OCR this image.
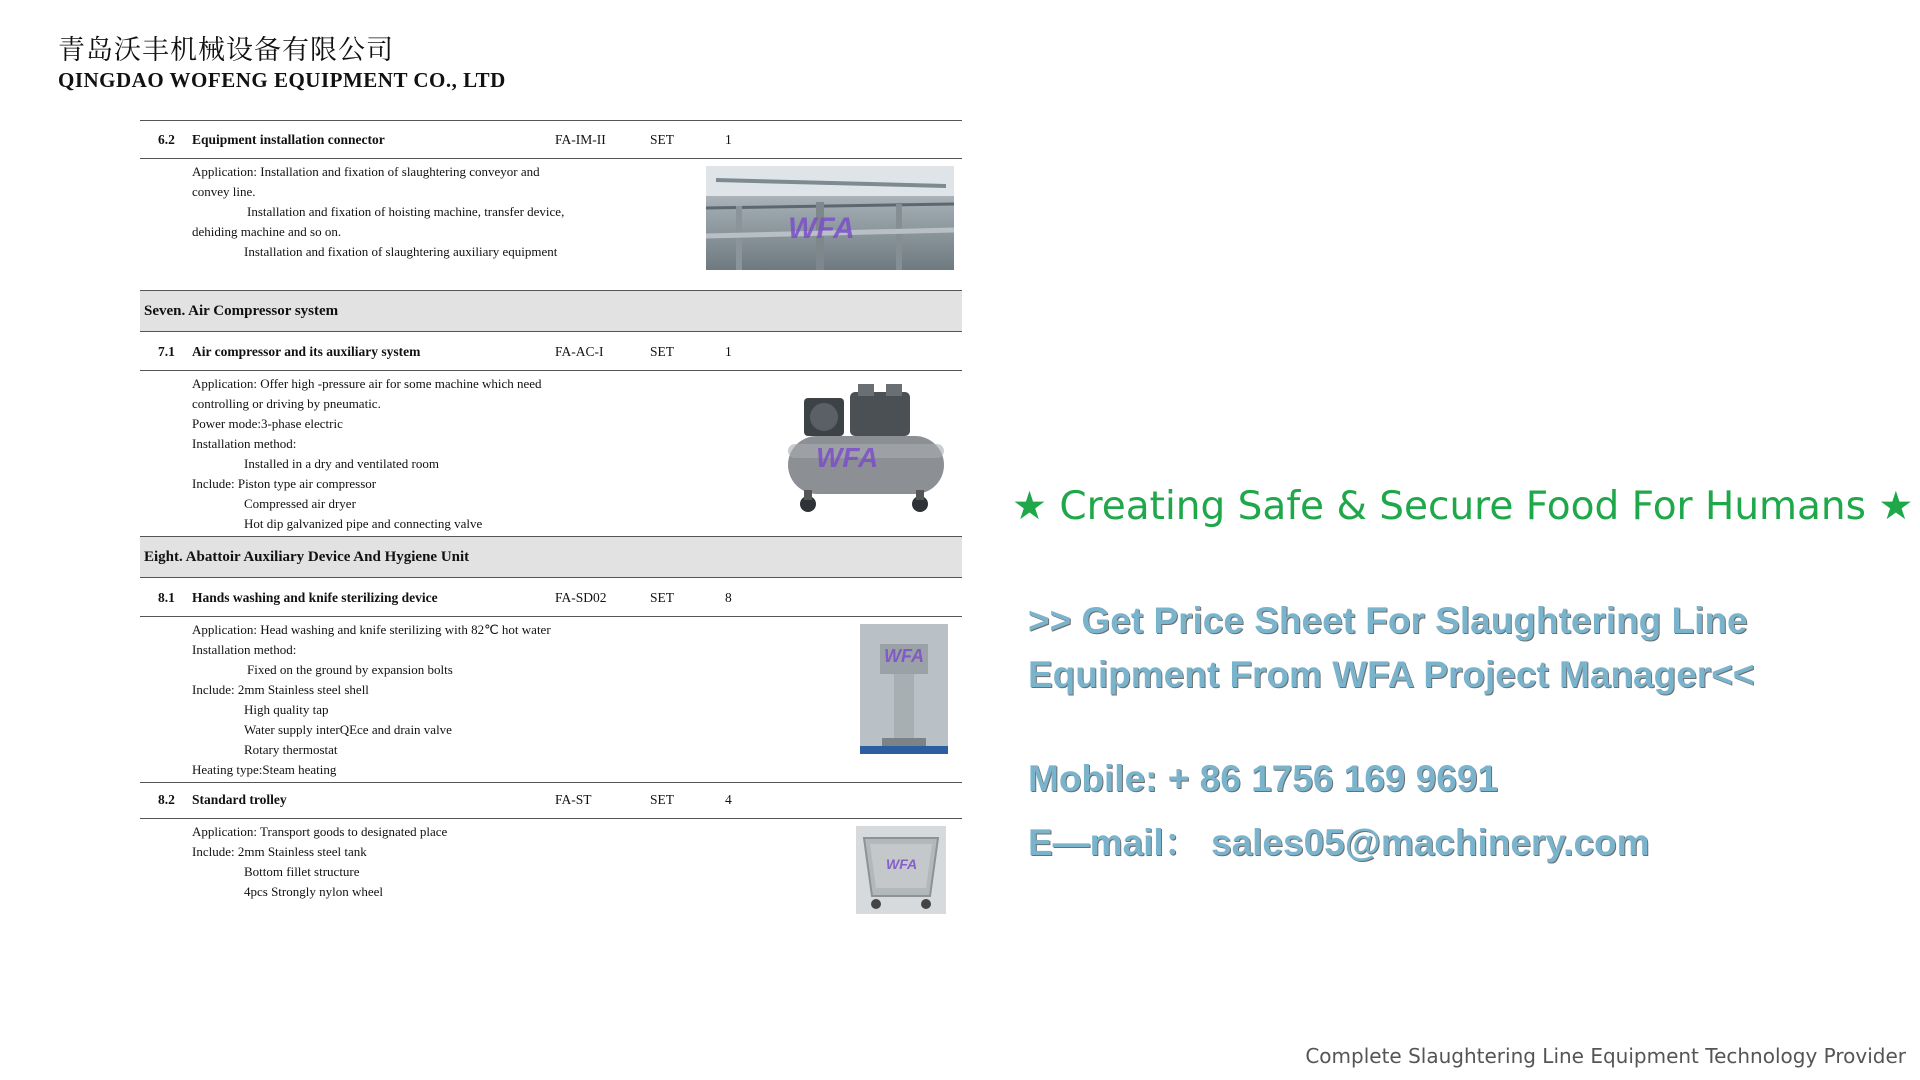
青岛沃丰机械设备有限公司
QINGDAO WOFENG EQUIPMENT CO., LTD
6.2 Equipment installation connector	FA-IM-II	SET	1
Application: Installation and fixation of slaughtering conveyor and
convey line.
Installation and fixation of hoisting machine, transfer device,
dehiding machine and so on.
Installation and fixation of slaughtering auxiliary equipment
WFA
Seven. Air Compressor system
7.1 Air compressor and its auxiliary system	FA-AC-I	SET	1
Application: Offer high -pressure air for some machine which need
controlling or driving by pneumatic.
Power mode:3-phase electric
Installation method:
Installed in a dry and ventilated room
Include: Piston type air compressor
Compressed air dryer
Hot dip galvanized pipe and connecting valve
WFA
Eight. Abattoir Auxiliary Device And Hygiene Unit
8.1 Hands washing and knife sterilizing device	FA-SD02	SET	8
Application: Head washing and knife sterilizing with 82℃ hot water
Installation method:
Fixed on the ground by expansion bolts
Include: 2mm Stainless steel shell
High quality tap
Water supply interQEce and drain valve
Rotary thermostat
Heating type:Steam heating
WFA
8.2 Standard trolley	FA-ST	SET	4
Application: Transport goods to designated place
Include: 2mm Stainless steel tank
Bottom fillet structure
4pcs Strongly nylon wheel
WFA
★ Creating Safe & Secure Food For Humans ★
>> Get Price Sheet For Slaughtering Line
Equipment From WFA Project Manager<<
Mobile: + 86 1756 169 9691
E—mail： sales05@machinery.com
Complete Slaughtering Line Equipment Technology Provider
